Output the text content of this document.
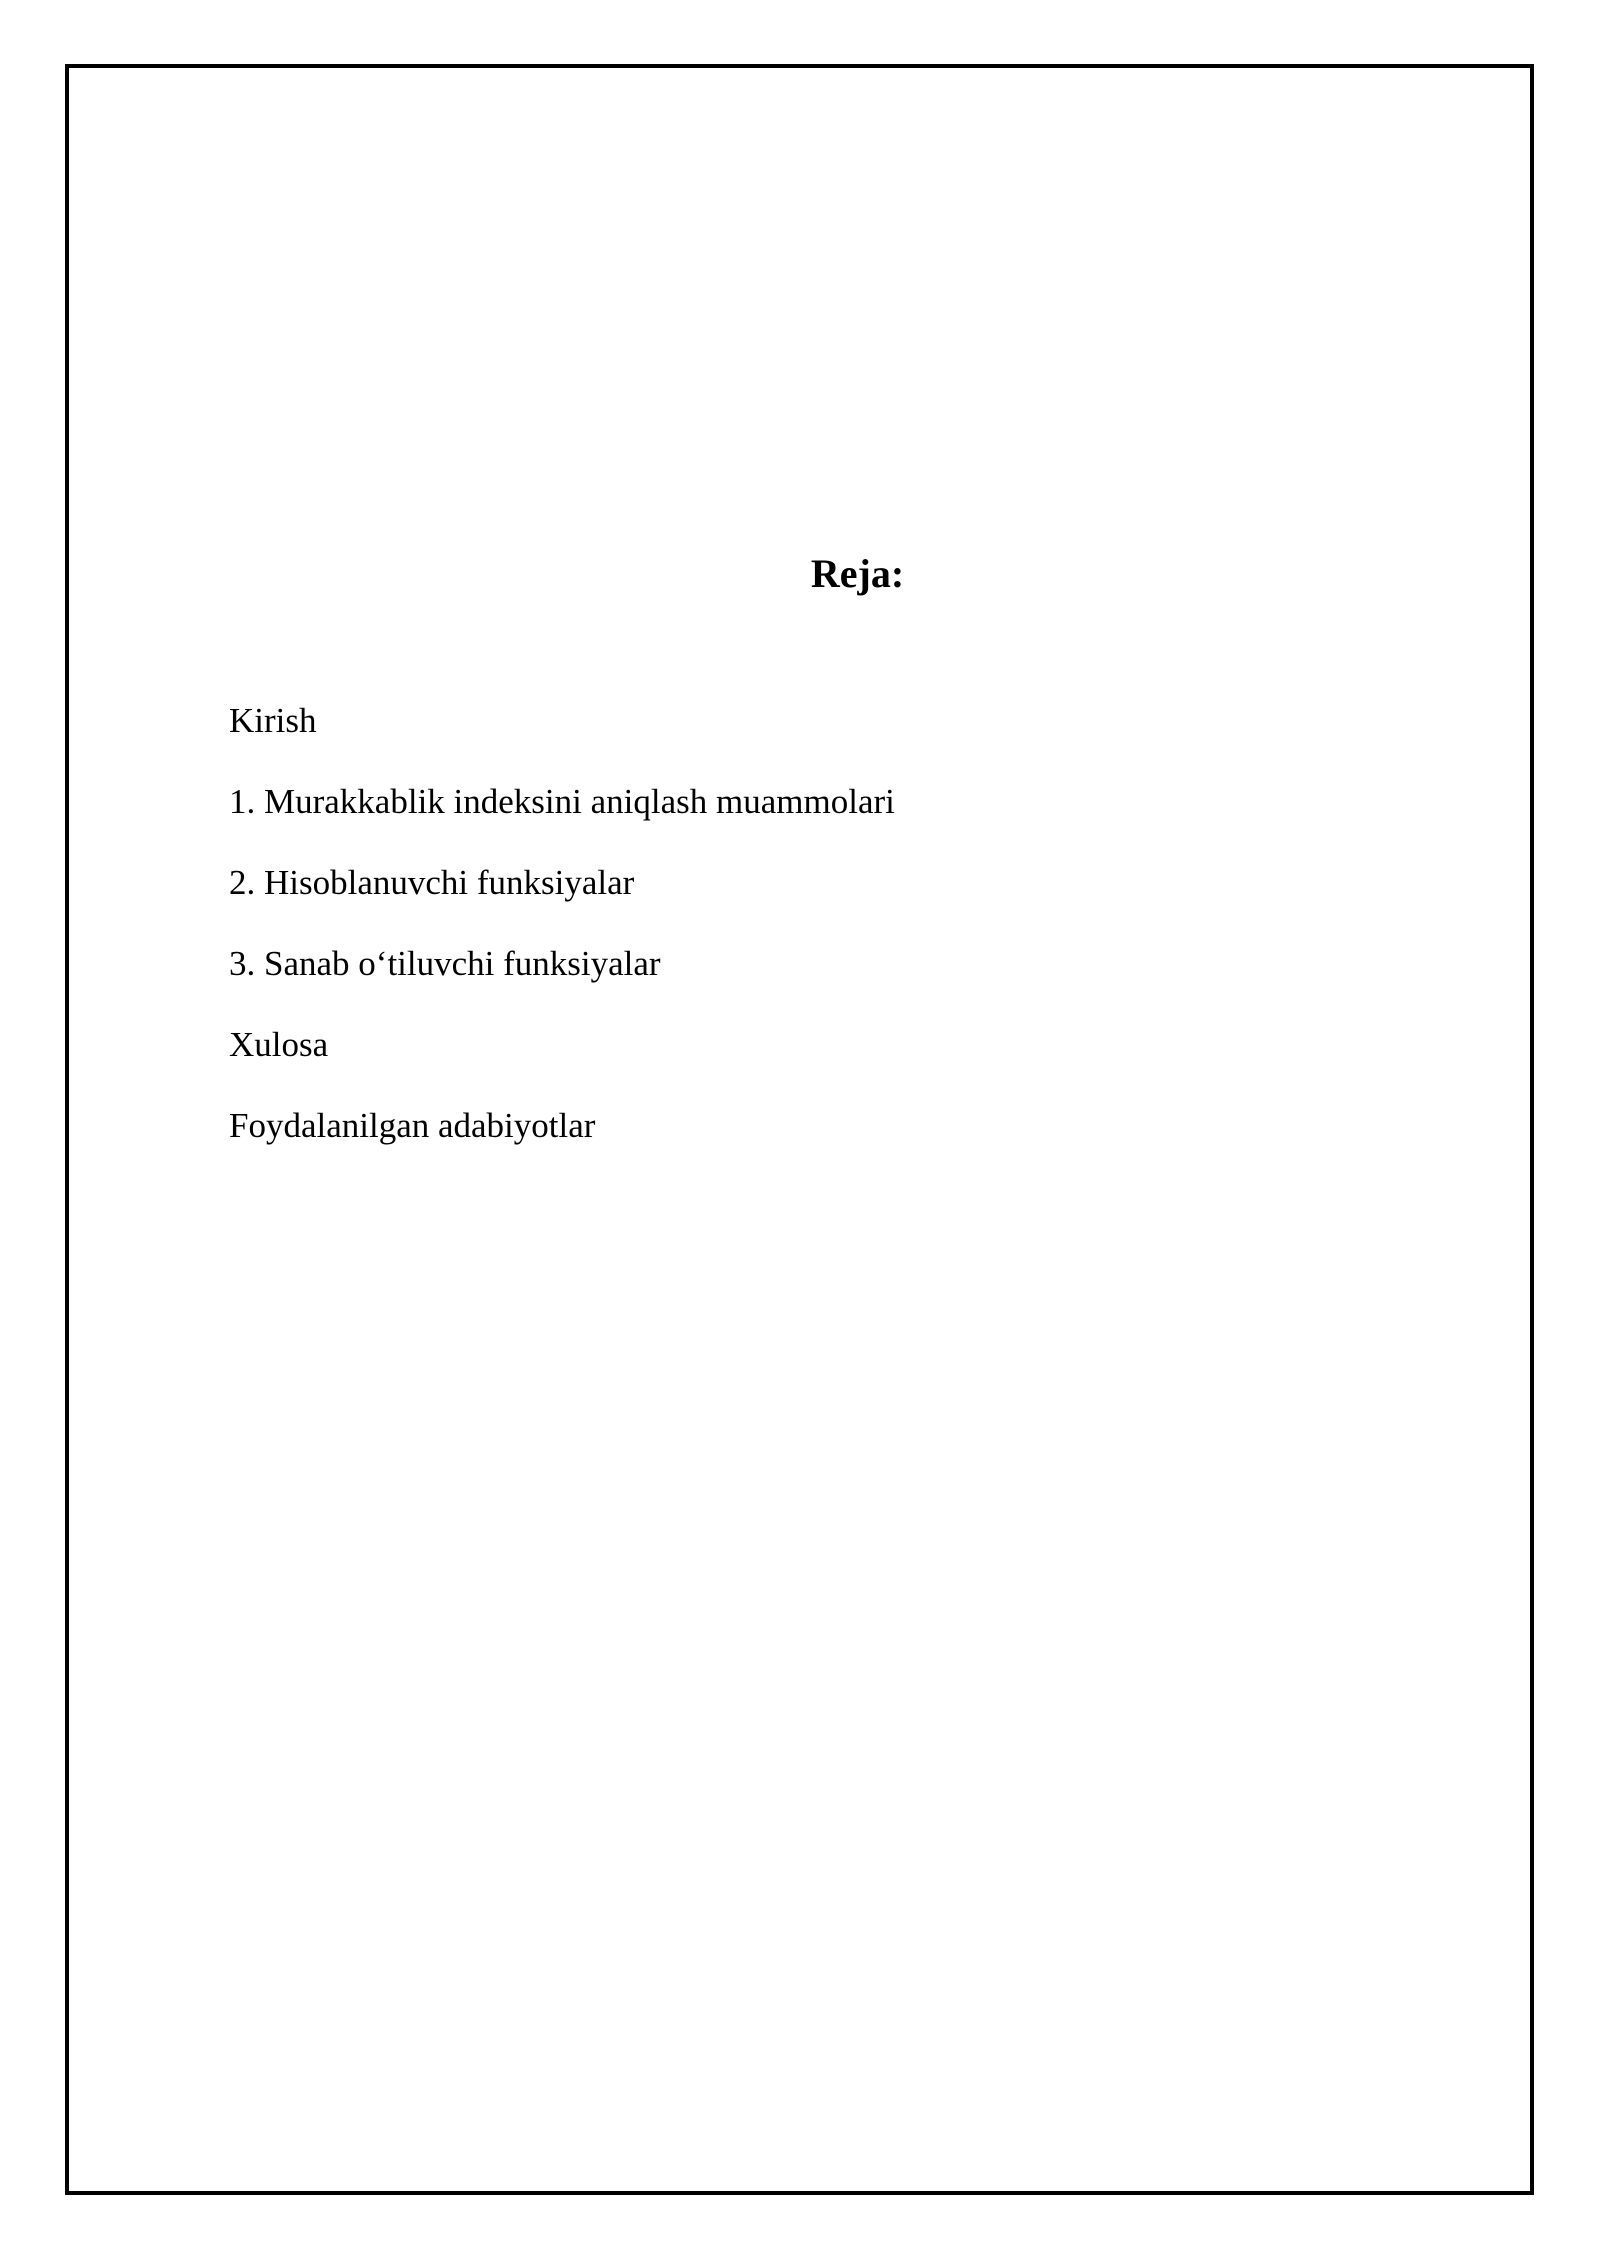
Reja:
Kirish
1. Murakkablik indeksini aniqlash muammolari
2. Hisoblanuvchi funksiyalar
3. Sanab o‘tiluvchi funksiyalar
Xulosa
Foydalanilgan adabiyotlar
